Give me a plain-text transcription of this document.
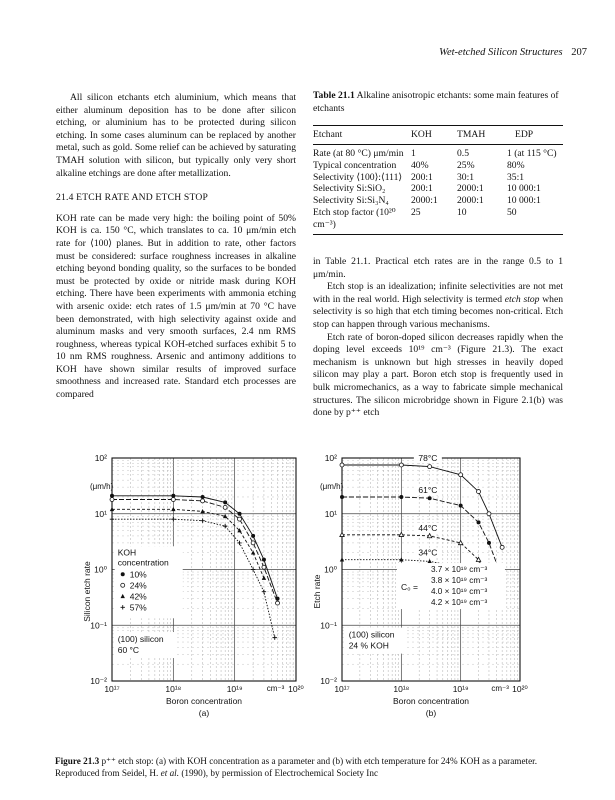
Wet-etched Silicon Structures 207

All silicon etchants etch aluminium, which means that either aluminum deposition has to be done after silicon etching, or aluminium has to be protected during silicon etching. In some cases aluminum can be replaced by another metal, such as gold. Some relief can be achieved by saturating TMAH solution with silicon, but typically only very short alkaline etchings are done after metallization.

21.4 ETCH RATE AND ETCH STOP

KOH rate can be made very high: the boiling point of 50% KOH is ca. 150 °C, which translates to ca. 10 μm/min etch rate for ⟨100⟩ planes. But in addition to rate, other factors must be considered: surface roughness increases in alkaline etching beyond bonding quality, so the surfaces to be bonded must be protected by oxide or nitride mask during KOH etching. There have been experiments with ammonia etching with arsenic oxide: etch rates of 1.5 μm/min at 70 °C have been demonstrated, with high selectivity against oxide and aluminum masks and very smooth surfaces, 2.4 nm RMS roughness, whereas typical KOH-etched surfaces exhibit 5 to 10 nm RMS roughness. Arsenic and antimony additions to KOH have shown similar results of improved surface smoothness and increased rate. Standard etch processes are compared

Table 21.1 Alkaline anisotropic etchants: some main features of etchants
Etchant	KOH	TMAH	EDP
Rate (at 80 °C) μm/min	1	0.5	1 (at 115 °C)
Typical concentration	40%	25%	80%
Selectivity ⟨100⟩:⟨111⟩	200:1	30:1	35:1
Selectivity Si:SiO₂	200:1	2000:1	10 000:1
Selectivity Si:Si₃N₄	2000:1	2000:1	10 000:1
Etch stop factor (10²⁰ cm⁻³)	25	10	50

in Table 21.1. Practical etch rates are in the range 0.5 to 1 μm/min.

Etch stop is an idealization; infinite selectivities are not met with in the real world. High selectivity is termed etch stop when selectivity is so high that etch timing becomes non-critical. Etch stop can happen through various mechanisms.

Etch rate of boron-doped silicon decreases rapidly when the doping level exceeds 10¹⁹ cm⁻³ (Figure 21.3). The exact mechanism is unknown but high stresses in heavily doped silicon may play a part. Boron etch stop is frequently used in bulk micromechanics, as a way to fabricate simple mechanical structures. The silicon microbridge shown in Figure 2.1(b) was done by p⁺⁺ etch

10²
10¹
10⁰
10⁻¹
10⁻²
10¹⁷	10¹⁸	10¹⁹	10²⁰
cm⁻³
Boron concentration
(a)
Silicon etch rate
(μm/h)
KOH
concentration
10%
24%
42%
57%
(100) silicon
60 °C
10²
10¹
10⁰
10⁻¹
10⁻²
10¹⁷	10¹⁸	10¹⁹	10²⁰
cm⁻³
Boron concentration
(b)
Etch rate
(μm/h)
78°C
61°C
44°C
34°C
C₀ =
3.7 × 10¹⁹ cm⁻³
3.8 × 10¹⁹ cm⁻³
4.0 × 10¹⁹ cm⁻³
4.2 × 10¹⁹ cm⁻³
(100) silicon
24 % KOH
Figure 21.3 p⁺⁺ etch stop: (a) with KOH concentration as a parameter and (b) with etch temperature for 24% KOH as a parameter. Reproduced from Seidel, H. et al. (1990), by permission of Electrochemical Society Inc
